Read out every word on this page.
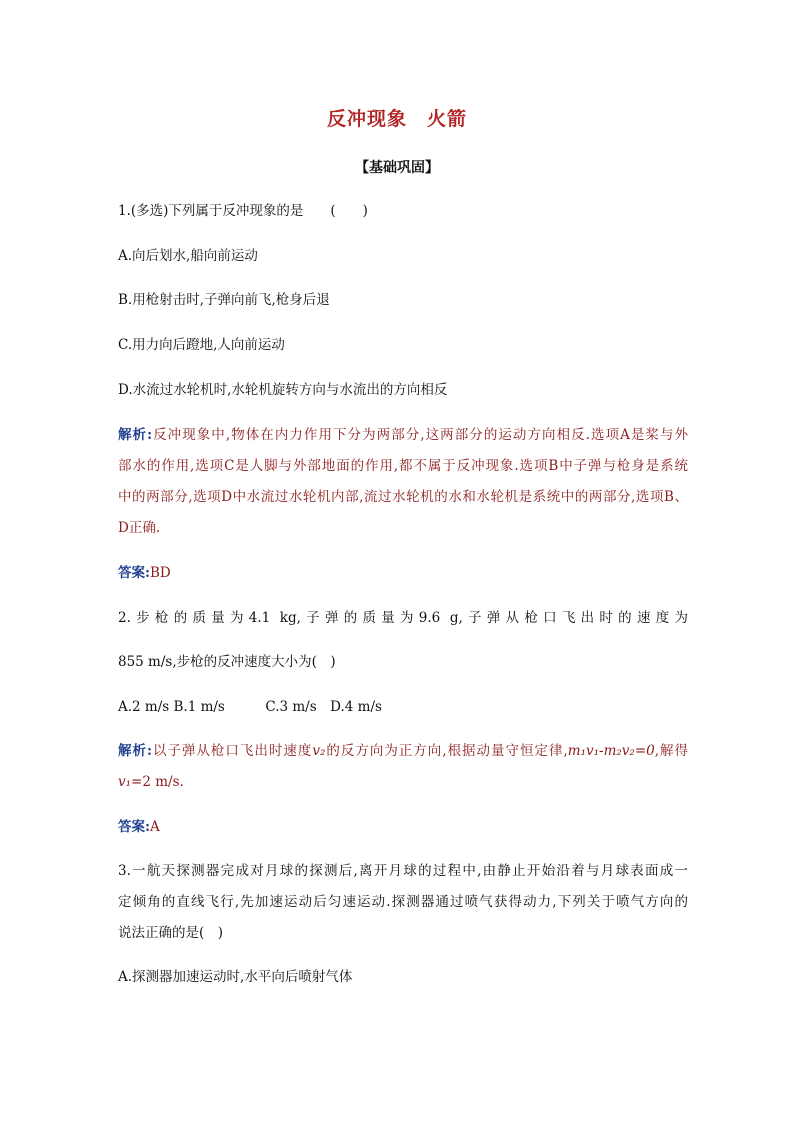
反冲现象　火箭
【基础巩固】
1.(多选)下列属于反冲现象的是　　(　　)
A.向后划水,船向前运动
B.用枪射击时,子弹向前飞,枪身后退
C.用力向后蹬地,人向前运动
D.水流过水轮机时,水轮机旋转方向与水流出的方向相反
解析:反冲现象中,物体在内力作用下分为两部分,这两部分的运动方向相反.选项A是桨与外
部水的作用,选项C是人脚与外部地面的作用,都不属于反冲现象.选项B中子弹与枪身是系统
中的两部分,选项D中水流过水轮机内部,流过水轮机的水和水轮机是系统中的两部分,选项B、
D正确.
答案:BD
2.步枪的质量为4.1 kg,子弹的质量为9.6 g,子弹从枪口飞出时的速度为
855 m/s,步枪的反冲速度大小为(　)
A.2 m/s B.1 m/s　　　C.3 m/s　D.4 m/s
解析:以子弹从枪口飞出时速度v₂的反方向为正方向,根据动量守恒定律,m₁v₁-m₂v₂=0,解得
v₁=2 m/s.
答案:A
3.一航天探测器完成对月球的探测后,离开月球的过程中,由静止开始沿着与月球表面成一
定倾角的直线飞行,先加速运动后匀速运动.探测器通过喷气获得动力,下列关于喷气方向的
说法正确的是(　)
A.探测器加速运动时,水平向后喷射气体
